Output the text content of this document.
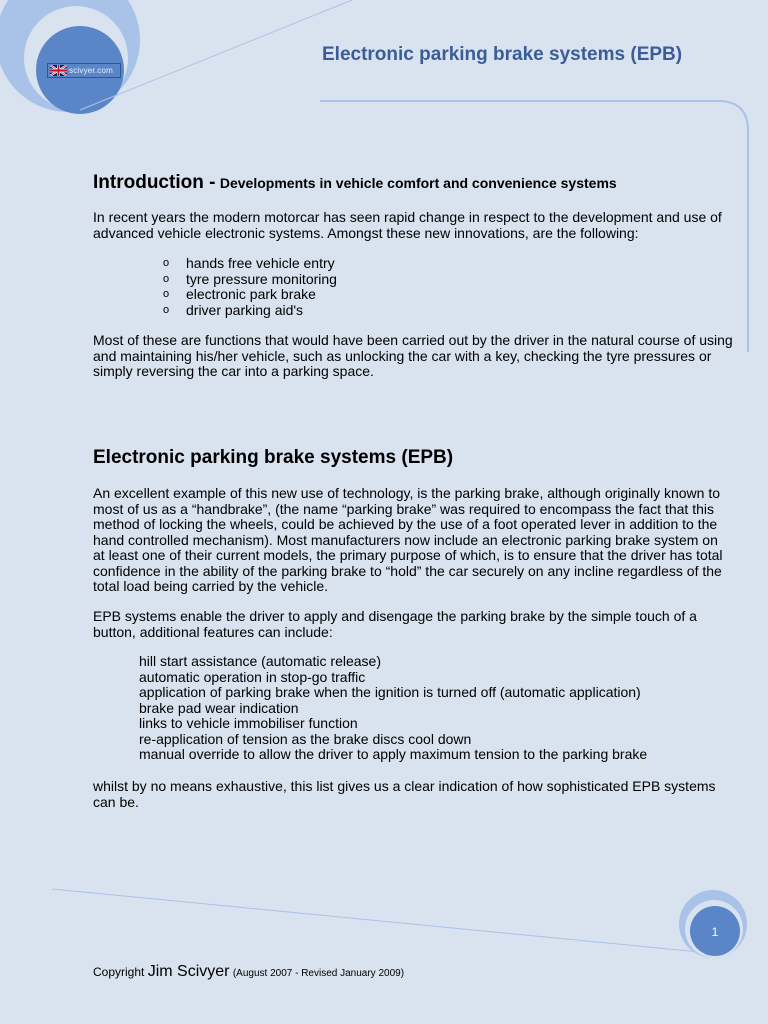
scivyer.com
Electronic parking brake systems (EPB)
Introduction - Developments in vehicle comfort and convenience systems
In recent years the modern motorcar has seen rapid change in respect to the development and use of advanced vehicle electronic systems. Amongst these new innovations, are the following:
o hands free vehicle entry
o tyre pressure monitoring
o electronic park brake
o driver parking aid's
Most of these are functions that would have been carried out by the driver in the natural course of using and maintaining his/her vehicle, such as unlocking the car with a key, checking the tyre pressures or simply reversing the car into a parking space.
Electronic parking brake systems (EPB)
An excellent example of this new use of technology, is the parking brake, although originally known to most of us as a “handbrake”, (the name “parking brake” was required to encompass the fact that this method of locking the wheels, could be achieved by the use of a foot operated lever in addition to the hand controlled mechanism). Most manufacturers now include an electronic parking brake system on at least one of their current models, the primary purpose of which, is to ensure that the driver has total confidence in the ability of the parking brake to “hold” the car securely on any incline regardless of the total load being carried by the vehicle.
EPB systems enable the driver to apply and disengage the parking brake by the simple touch of a button, additional features can include:
hill start assistance (automatic release)
automatic operation in stop-go traffic
application of parking brake when the ignition is turned off (automatic application)
brake pad wear indication
links to vehicle immobiliser function
re-application of tension as the brake discs cool down
manual override to allow the driver to apply maximum tension to the parking brake
whilst by no means exhaustive, this list gives us a clear indication of how sophisticated EPB systems can be.
1
Copyright Jim Scivyer (August 2007 - Revised January 2009)
